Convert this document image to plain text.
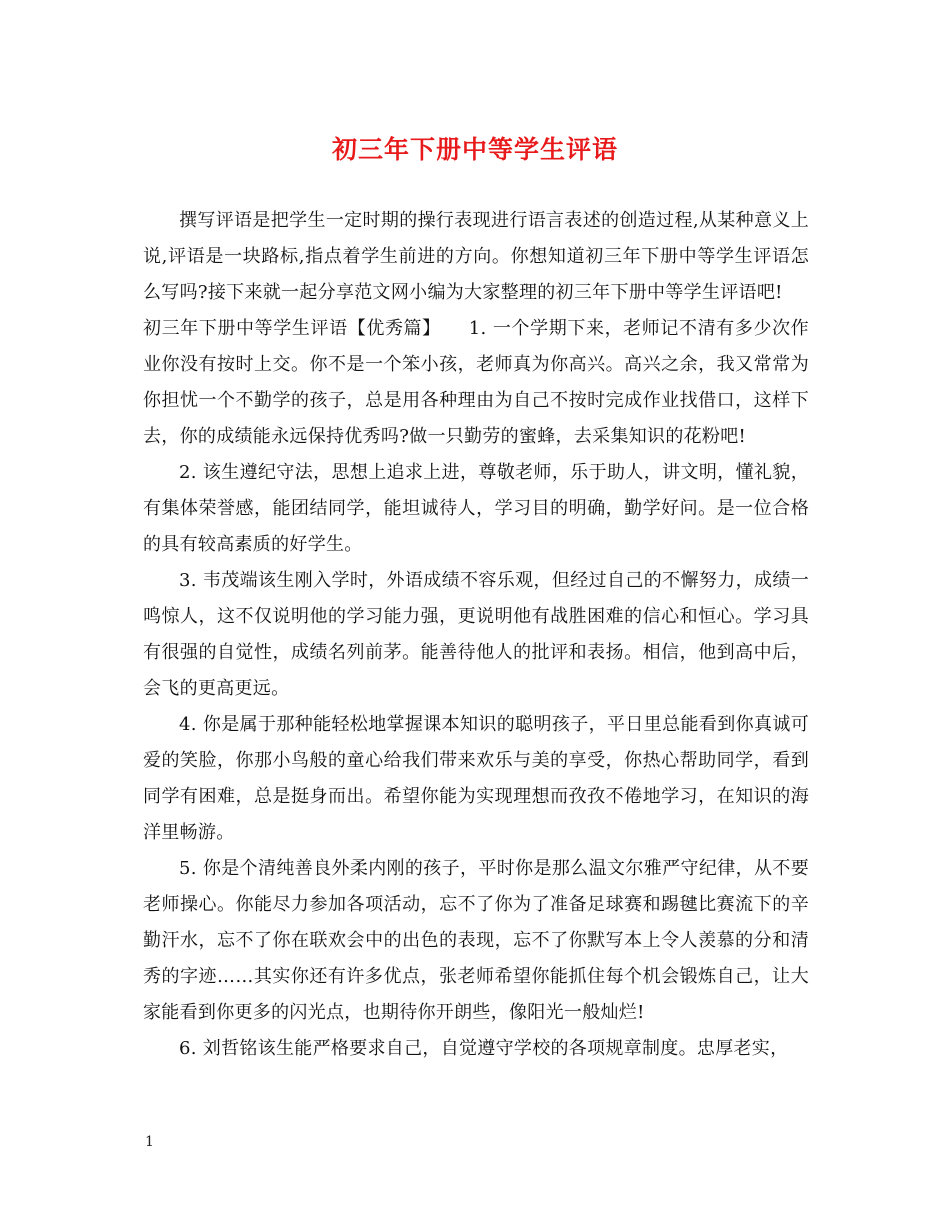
初三年下册中等学生评语

撰写评语是把学生一定时期的操行表现进行语言表述的创造过程,从某种意义上说,评语是一块路标,指点着学生前进的方向。你想知道初三年下册中等学生评语怎么写吗?接下来就一起分享范文网小编为大家整理的初三年下册中等学生评语吧!

初三年下册中等学生评语【优秀篇】 1. 一个学期下来，老师记不清有多少次作业你没有按时上交。你不是一个笨小孩，老师真为你高兴。高兴之余，我又常常为你担忧一个不勤学的孩子，总是用各种理由为自己不按时完成作业找借口，这样下去，你的成绩能永远保持优秀吗?做一只勤劳的蜜蜂，去采集知识的花粉吧!

2. 该生遵纪守法，思想上追求上进，尊敬老师，乐于助人，讲文明，懂礼貌，有集体荣誉感，能团结同学，能坦诚待人，学习目的明确，勤学好问。是一位合格的具有较高素质的好学生。

3. 韦茂端该生刚入学时，外语成绩不容乐观，但经过自己的不懈努力，成绩一鸣惊人，这不仅说明他的学习能力强，更说明他有战胜困难的信心和恒心。学习具有很强的自觉性，成绩名列前茅。能善待他人的批评和表扬。相信，他到高中后，会飞的更高更远。

4. 你是属于那种能轻松地掌握课本知识的聪明孩子，平日里总能看到你真诚可爱的笑脸，你那小鸟般的童心给我们带来欢乐与美的享受，你热心帮助同学，看到同学有困难，总是挺身而出。希望你能为实现理想而孜孜不倦地学习，在知识的海洋里畅游。

5. 你是个清纯善良外柔内刚的孩子，平时你是那么温文尔雅严守纪律，从不要老师操心。你能尽力参加各项活动，忘不了你为了准备足球赛和踢毽比赛流下的辛勤汗水，忘不了你在联欢会中的出色的表现，忘不了你默写本上令人羡慕的分和清秀的字迹……其实你还有许多优点，张老师希望你能抓住每个机会锻炼自己，让大家能看到你更多的闪光点，也期待你开朗些，像阳光一般灿烂!

6. 刘哲铭该生能严格要求自己，自觉遵守学校的各项规章制度。忠厚老实，

1
